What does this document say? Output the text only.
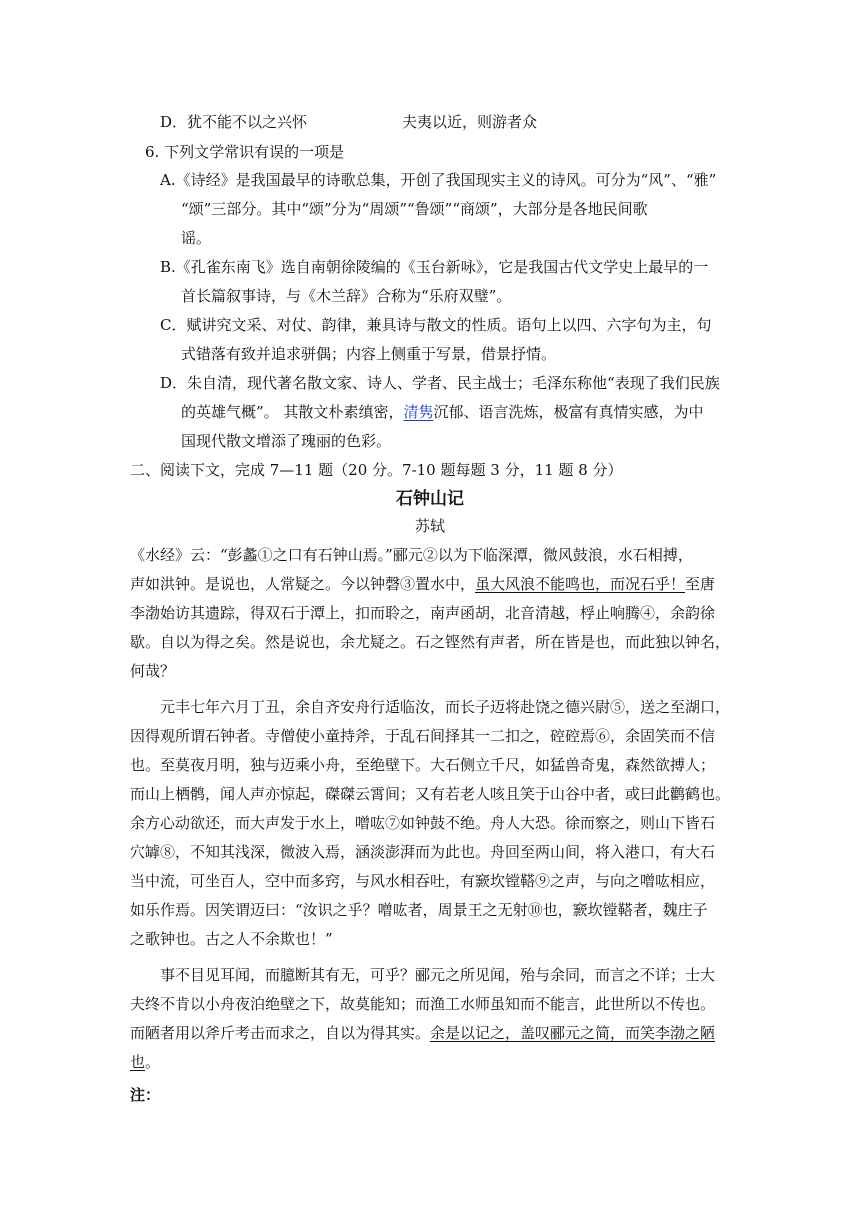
D．犹不能不以之兴怀	夫夷以近，则游者众
6. 下列文学常识有误的一项是
A.《诗经》是我国最早的诗歌总集，开创了我国现实主义的诗风。可分为“风”、“雅”
“颂”三部分。其中“颂”分为“周颂”“鲁颂”“商颂”，大部分是各地民间歌
谣。
B.《孔雀东南飞》选自南朝徐陵编的《玉台新咏》，它是我国古代文学史上最早的一
首长篇叙事诗，与《木兰辞》合称为“乐府双璧”。
C．赋讲究文采、对仗、韵律，兼具诗与散文的性质。语句上以四、六字句为主，句
式错落有致并追求骈偶；内容上侧重于写景，借景抒情。
D．朱自清，现代著名散文家、诗人、学者、民主战士；毛泽东称他“表现了我们民族
的英雄气概”。 其散文朴素缜密，清隽沉郁、语言洗炼，极富有真情实感，为中
国现代散文增添了瑰丽的色彩。
二、阅读下文，完成 7—11 题（20 分。7-10 题每题 3 分，11 题 8 分）
石钟山记
苏轼
《水经》云：“彭蠡①之口有石钟山焉。”郦元②以为下临深潭，微风鼓浪，水石相搏，
声如洪钟。是说也，人常疑之。今以钟磬③置水中，虽大风浪不能鸣也，而况石乎！至唐
李渤始访其遗踪，得双石于潭上，扣而聆之，南声函胡，北音清越，桴止响腾④，余韵徐
歇。自以为得之矣。然是说也，余尤疑之。石之铿然有声者，所在皆是也，而此独以钟名，
何哉？
元丰七年六月丁丑，余自齐安舟行适临汝，而长子迈将赴饶之德兴尉⑤，送之至湖口，
因得观所谓石钟者。寺僧使小童持斧，于乱石间择其一二扣之，硿硿焉⑥，余固笑而不信
也。至莫夜月明，独与迈乘小舟，至绝壁下。大石侧立千尺，如猛兽奇鬼，森然欲搏人；
而山上栖鹘，闻人声亦惊起，磔磔云霄间；又有若老人咳且笑于山谷中者，或曰此鹳鹤也。
余方心动欲还，而大声发于水上，噌吰⑦如钟鼓不绝。舟人大恐。徐而察之，则山下皆石
穴罅⑧，不知其浅深，微波入焉，涵淡澎湃而为此也。舟回至两山间，将入港口，有大石
当中流，可坐百人，空中而多窍，与风水相吞吐，有窾坎镗鞳⑨之声，与向之噌吰相应，
如乐作焉。因笑谓迈曰：“汝识之乎？噌吰者，周景王之无射⑩也，窾坎镗鞳者，魏庄子
之歌钟也。古之人不余欺也！”
事不目见耳闻，而臆断其有无，可乎？郦元之所见闻，殆与余同，而言之不详；士大
夫终不肯以小舟夜泊绝壁之下，故莫能知；而渔工水师虽知而不能言，此世所以不传也。
而陋者用以斧斤考击而求之，自以为得其实。余是以记之，盖叹郦元之简，而笑李渤之陋
也。
注：
